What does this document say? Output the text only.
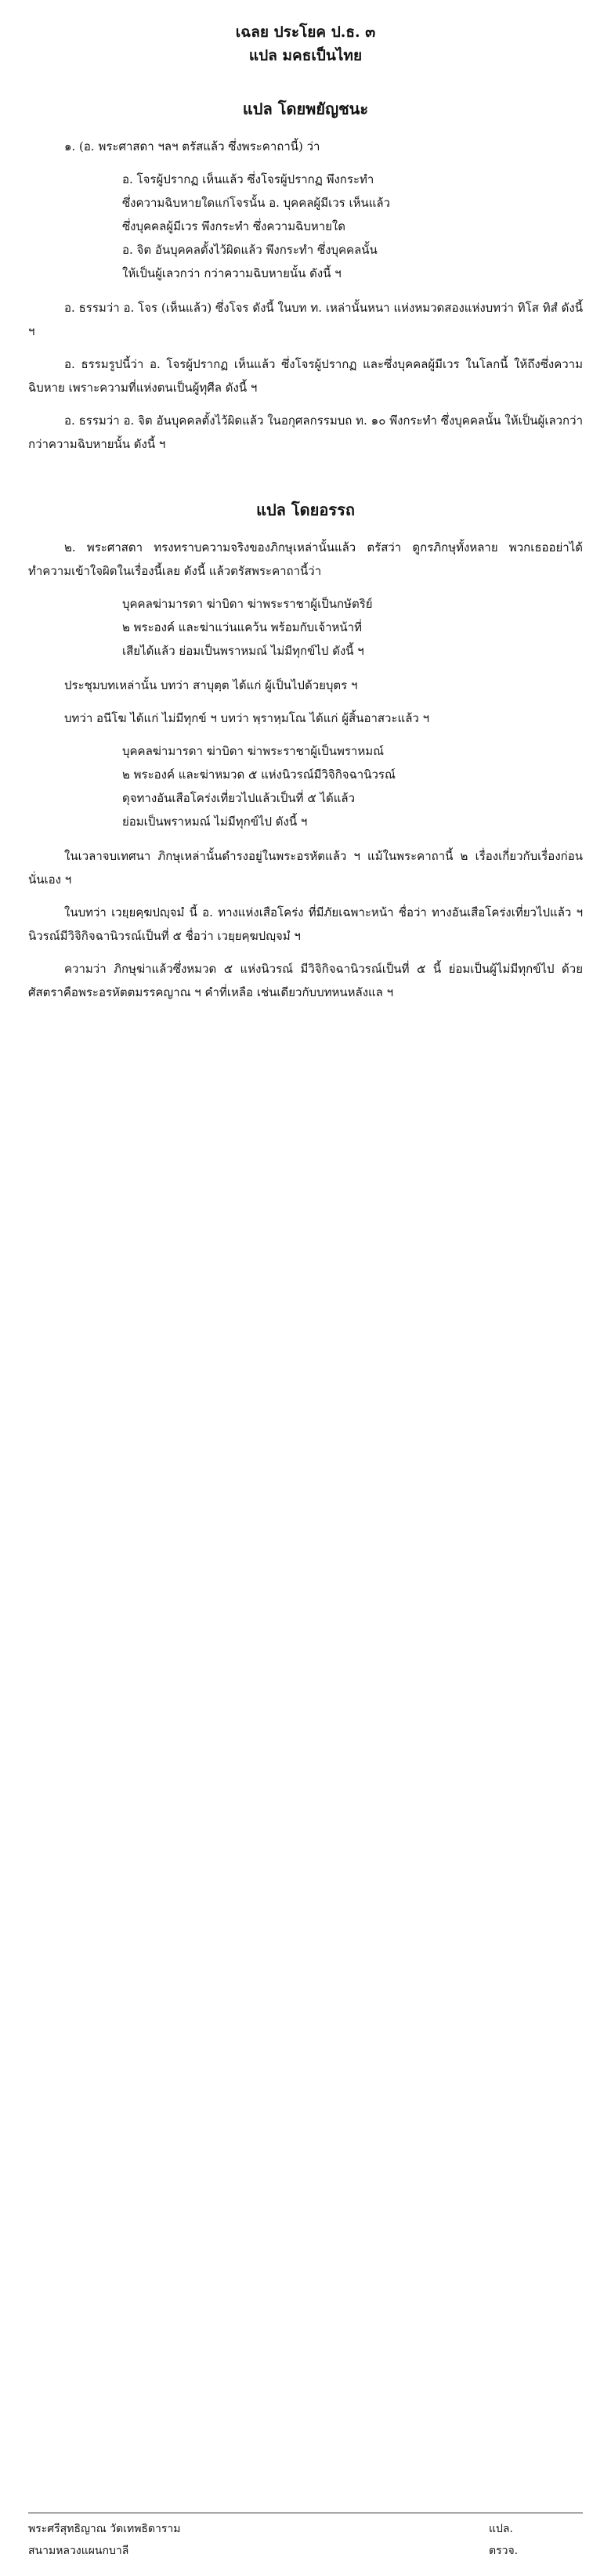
เฉลย ประโยค ป.ธ. ๓
แปล มคธเป็นไทย
แปล โดยพยัญชนะ

๑. (อ. พระศาสดา ฯลฯ ตรัสแล้ว ซึ่งพระคาถานี้) ว่า

อ. โจรผู้ปรากฏ เห็นแล้ว ซึ่งโจรผู้ปรากฏ พึงกระทำ
ซึ่งความฉิบหายใดแก่โจรนั้น อ. บุคคลผู้มีเวร เห็นแล้ว
ซึ่งบุคคลผู้มีเวร พึงกระทำ ซึ่งความฉิบหายใด
อ. จิต อันบุคคลตั้งไว้ผิดแล้ว พึงกระทำ ซึ่งบุคคลนั้น
ให้เป็นผู้เลวกว่า กว่าความฉิบหายนั้น ดังนี้ ฯ

อ. ธรรมว่า อ. โจร (เห็นแล้ว) ซึ่งโจร ดังนี้ ในบท ท. เหล่านั้นหนา แห่งหมวดสองแห่งบทว่า ทิโส ทิสํ ดังนี้ ฯ

อ. ธรรมรูปนี้ว่า อ. โจรผู้ปรากฏ เห็นแล้ว ซึ่งโจรผู้ปรากฏ และซึ่งบุคคลผู้มีเวร ในโลกนี้ ให้ถึงซึ่งความฉิบหาย เพราะความที่แห่งตนเป็นผู้ทุศีล ดังนี้ ฯ

อ. ธรรมว่า อ. จิต อันบุคคลตั้งไว้ผิดแล้ว ในอกุศลกรรมบถ ท. ๑๐ พึงกระทำ ซึ่งบุคคลนั้น ให้เป็นผู้เลวกว่า กว่าความฉิบหายนั้น ดังนี้ ฯ

แปล โดยอรรถ

๒. พระศาสดา ทรงทราบความจริงของภิกษุเหล่านั้นแล้ว ตรัสว่า ดูกรภิกษุทั้งหลาย พวกเธออย่าได้ทำความเข้าใจผิดในเรื่องนี้เลย ดังนี้ แล้วตรัสพระคาถานี้ว่า

บุคคลฆ่ามารดา ฆ่าบิดา ฆ่าพระราชาผู้เป็นกษัตริย์
๒ พระองค์ และฆ่าแว่นแคว้น พร้อมกับเจ้าหน้าที่
เสียได้แล้ว ย่อมเป็นพราหมณ์ ไม่มีทุกข์ไป ดังนี้ ฯ

ประชุมบทเหล่านั้น บทว่า สาบุตฺต ได้แก่ ผู้เป็นไปด้วยบุตร ฯ

บทว่า อนีโฆ ได้แก่ ไม่มีทุกข์ ฯ บทว่า พฺราหฺมโณ ได้แก่ ผู้สิ้นอาสวะแล้ว ฯ

บุคคลฆ่ามารดา ฆ่าบิดา ฆ่าพระราชาผู้เป็นพราหมณ์
๒ พระองค์ และฆ่าหมวด ๕ แห่งนิวรณ์มีวิจิกิจฉานิวรณ์
ดุจทางอันเสือโคร่งเที่ยวไปแล้วเป็นที่ ๕ ได้แล้ว
ย่อมเป็นพราหมณ์ ไม่มีทุกข์ไป ดังนี้ ฯ

ในเวลาจบเทศนา ภิกษุเหล่านั้นดำรงอยู่ในพระอรหัตแล้ว ฯ แม้ในพระคาถานี้ ๒ เรื่องเกี่ยวกับเรื่องก่อนนั่นเอง ฯ

ในบทว่า เวยฺยคฺฆปญฺจมํ นี้ อ. ทางแห่งเสือโคร่ง ที่มีภัยเฉพาะหน้า ชื่อว่า ทางอันเสือโคร่งเที่ยวไปแล้ว ฯ นิวรณ์มีวิจิกิจฉานิวรณ์เป็นที่ ๕ ชื่อว่า เวยฺยคฺฆปญฺจมํ ฯ

ความว่า ภิกษุฆ่าแล้วซึ่งหมวด ๕ แห่งนิวรณ์ มีวิจิกิจฉานิวรณ์เป็นที่ ๕ นี้ ย่อมเป็นผู้ไม่มีทุกข์ไป ด้วยศัสตราคือพระอรหัตตมรรคญาณ ฯ คำที่เหลือ เช่นเดียวกับบทหนหลังแล ฯ

พระศรีสุทธิญาณ วัดเทพธิดาราม	แปล.
สนามหลวงแผนกบาลี	ตรวจ.
